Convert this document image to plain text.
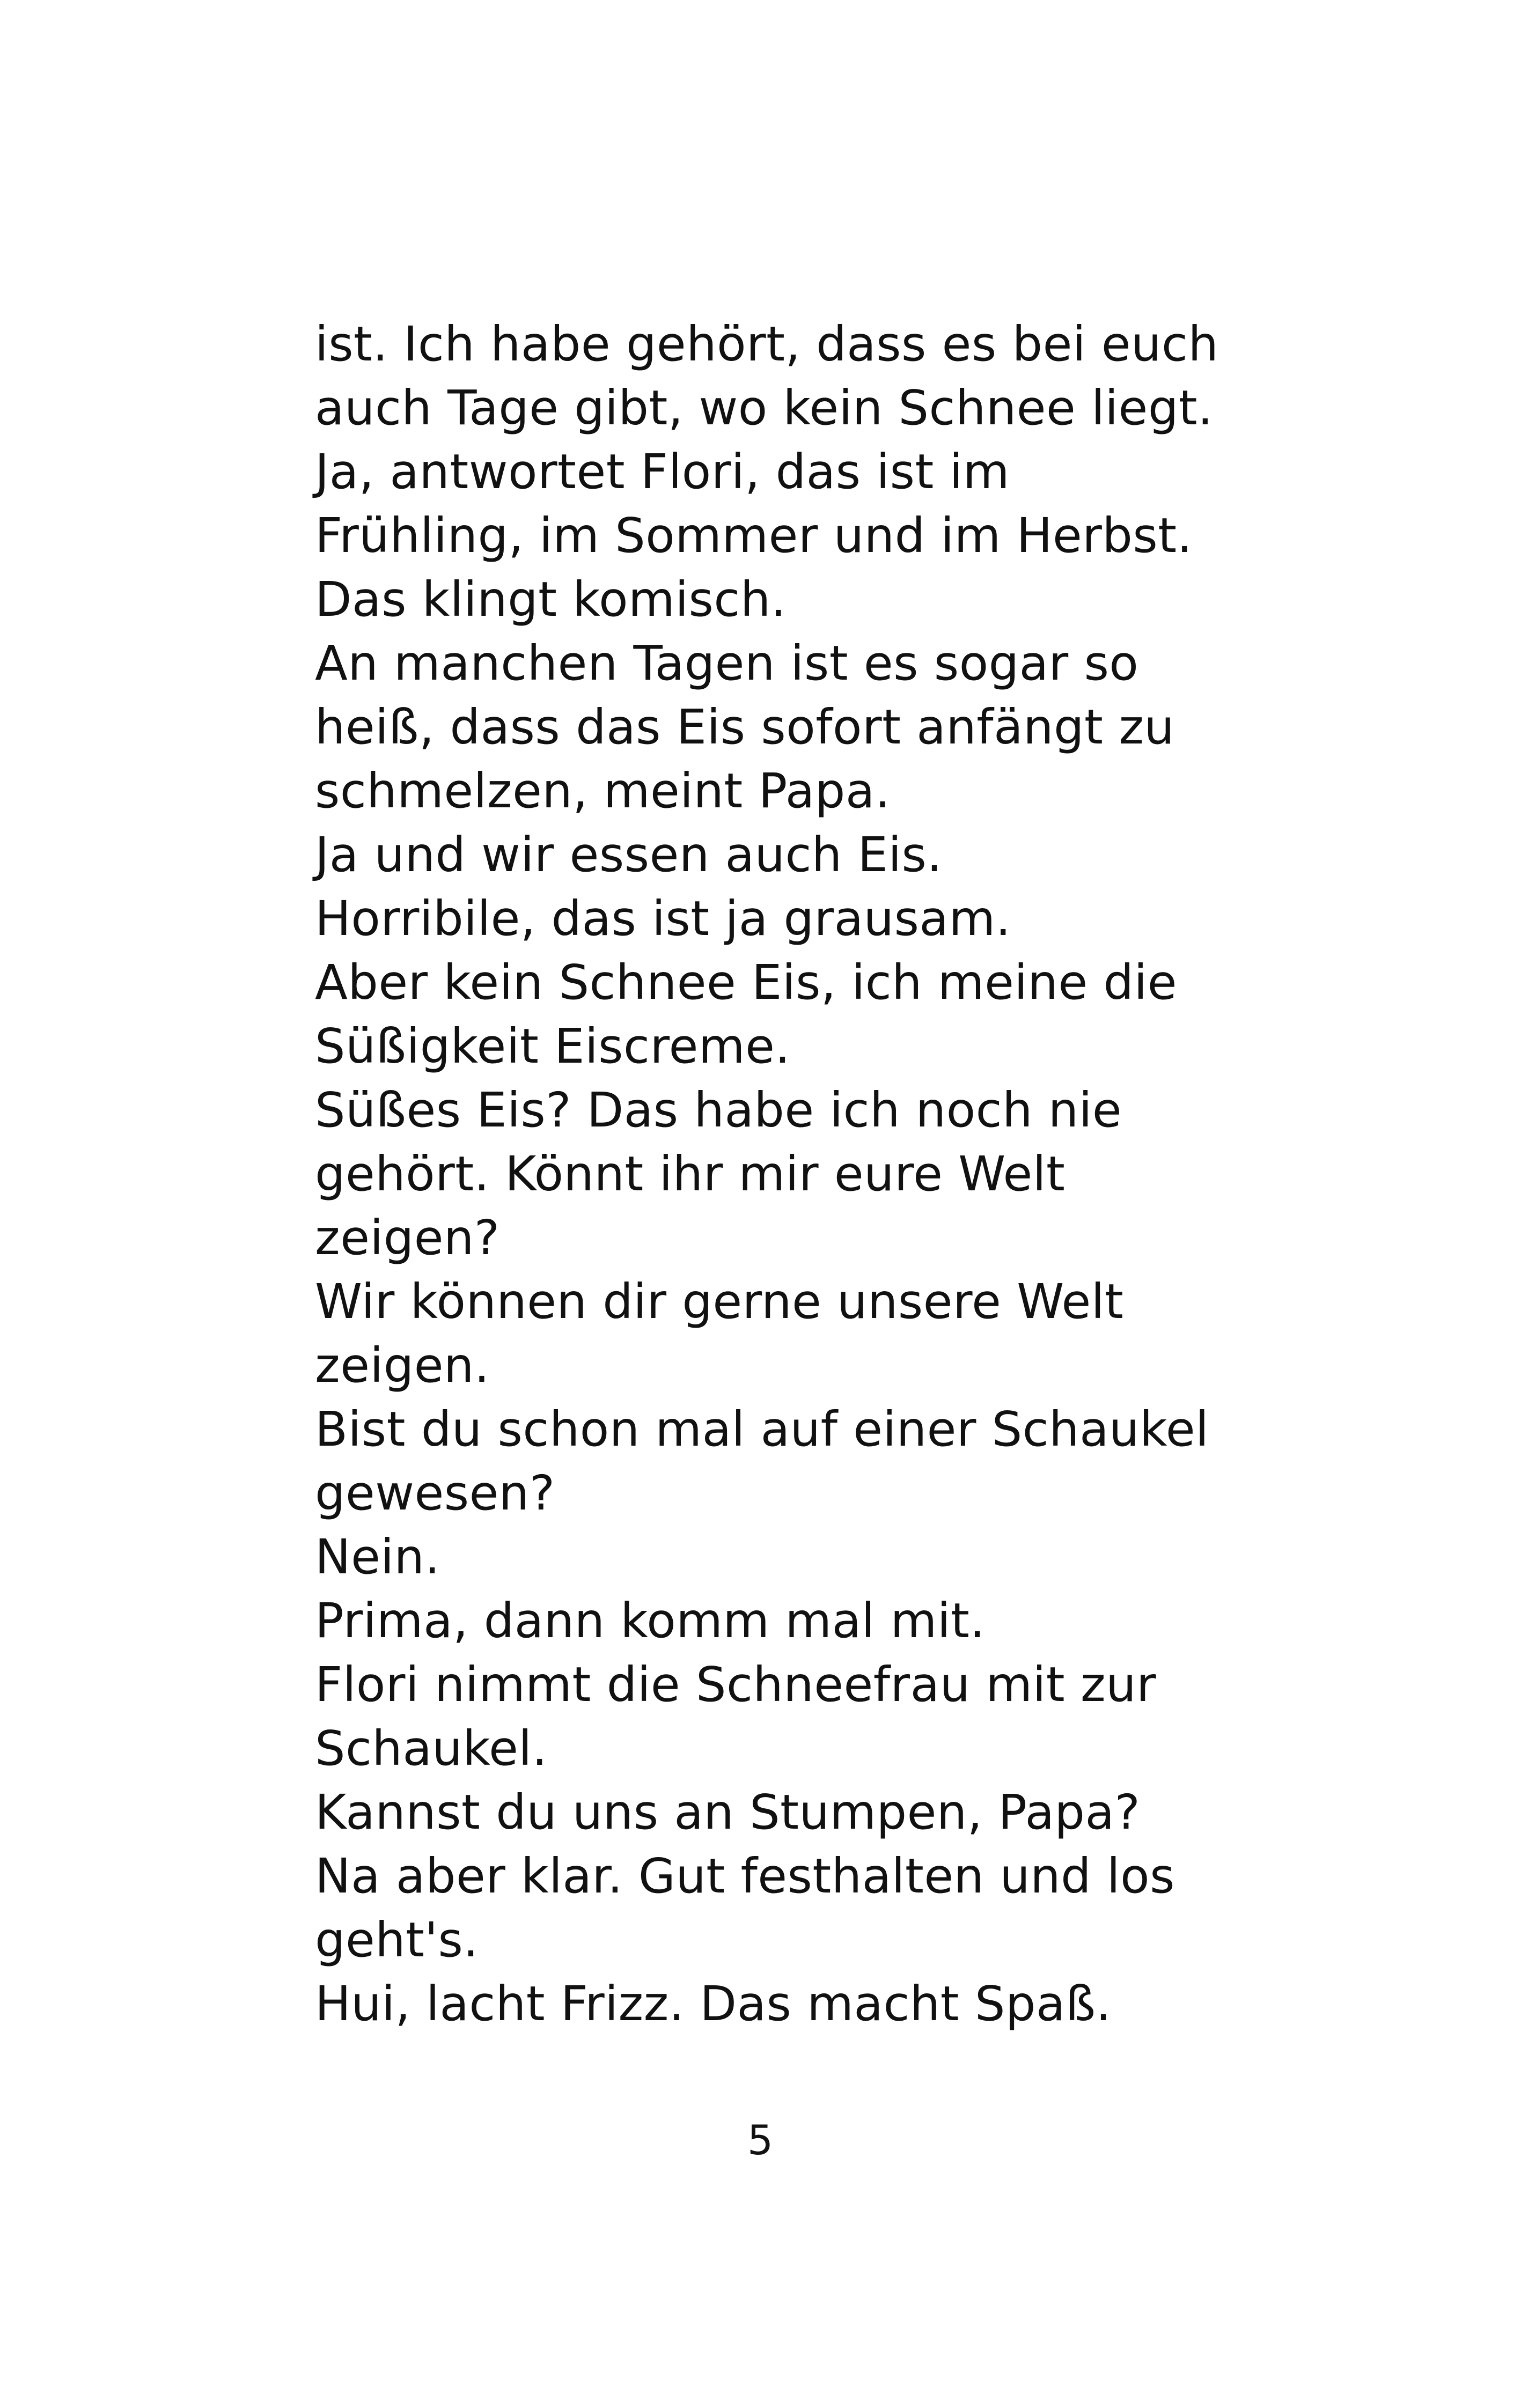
ist. Ich habe gehört, dass es bei euch
auch Tage gibt, wo kein Schnee liegt.
Ja, antwortet Flori, das ist im
Frühling, im Sommer und im Herbst.
Das klingt komisch.
An manchen Tagen ist es sogar so
heiß, dass das Eis sofort anfängt zu
schmelzen, meint Papa.
Ja und wir essen auch Eis.
Horribile, das ist ja grausam.
Aber kein Schnee Eis, ich meine die
Süßigkeit Eiscreme.
Süßes Eis? Das habe ich noch nie
gehört. Könnt ihr mir eure Welt
zeigen?
Wir können dir gerne unsere Welt
zeigen.
Bist du schon mal auf einer Schaukel
gewesen?
Nein.
Prima, dann komm mal mit.
Flori nimmt die Schneefrau mit zur
Schaukel.
Kannst du uns an Stumpen, Papa?
Na aber klar. Gut festhalten und los
geht's.
Hui, lacht Frizz. Das macht Spaß.
5
